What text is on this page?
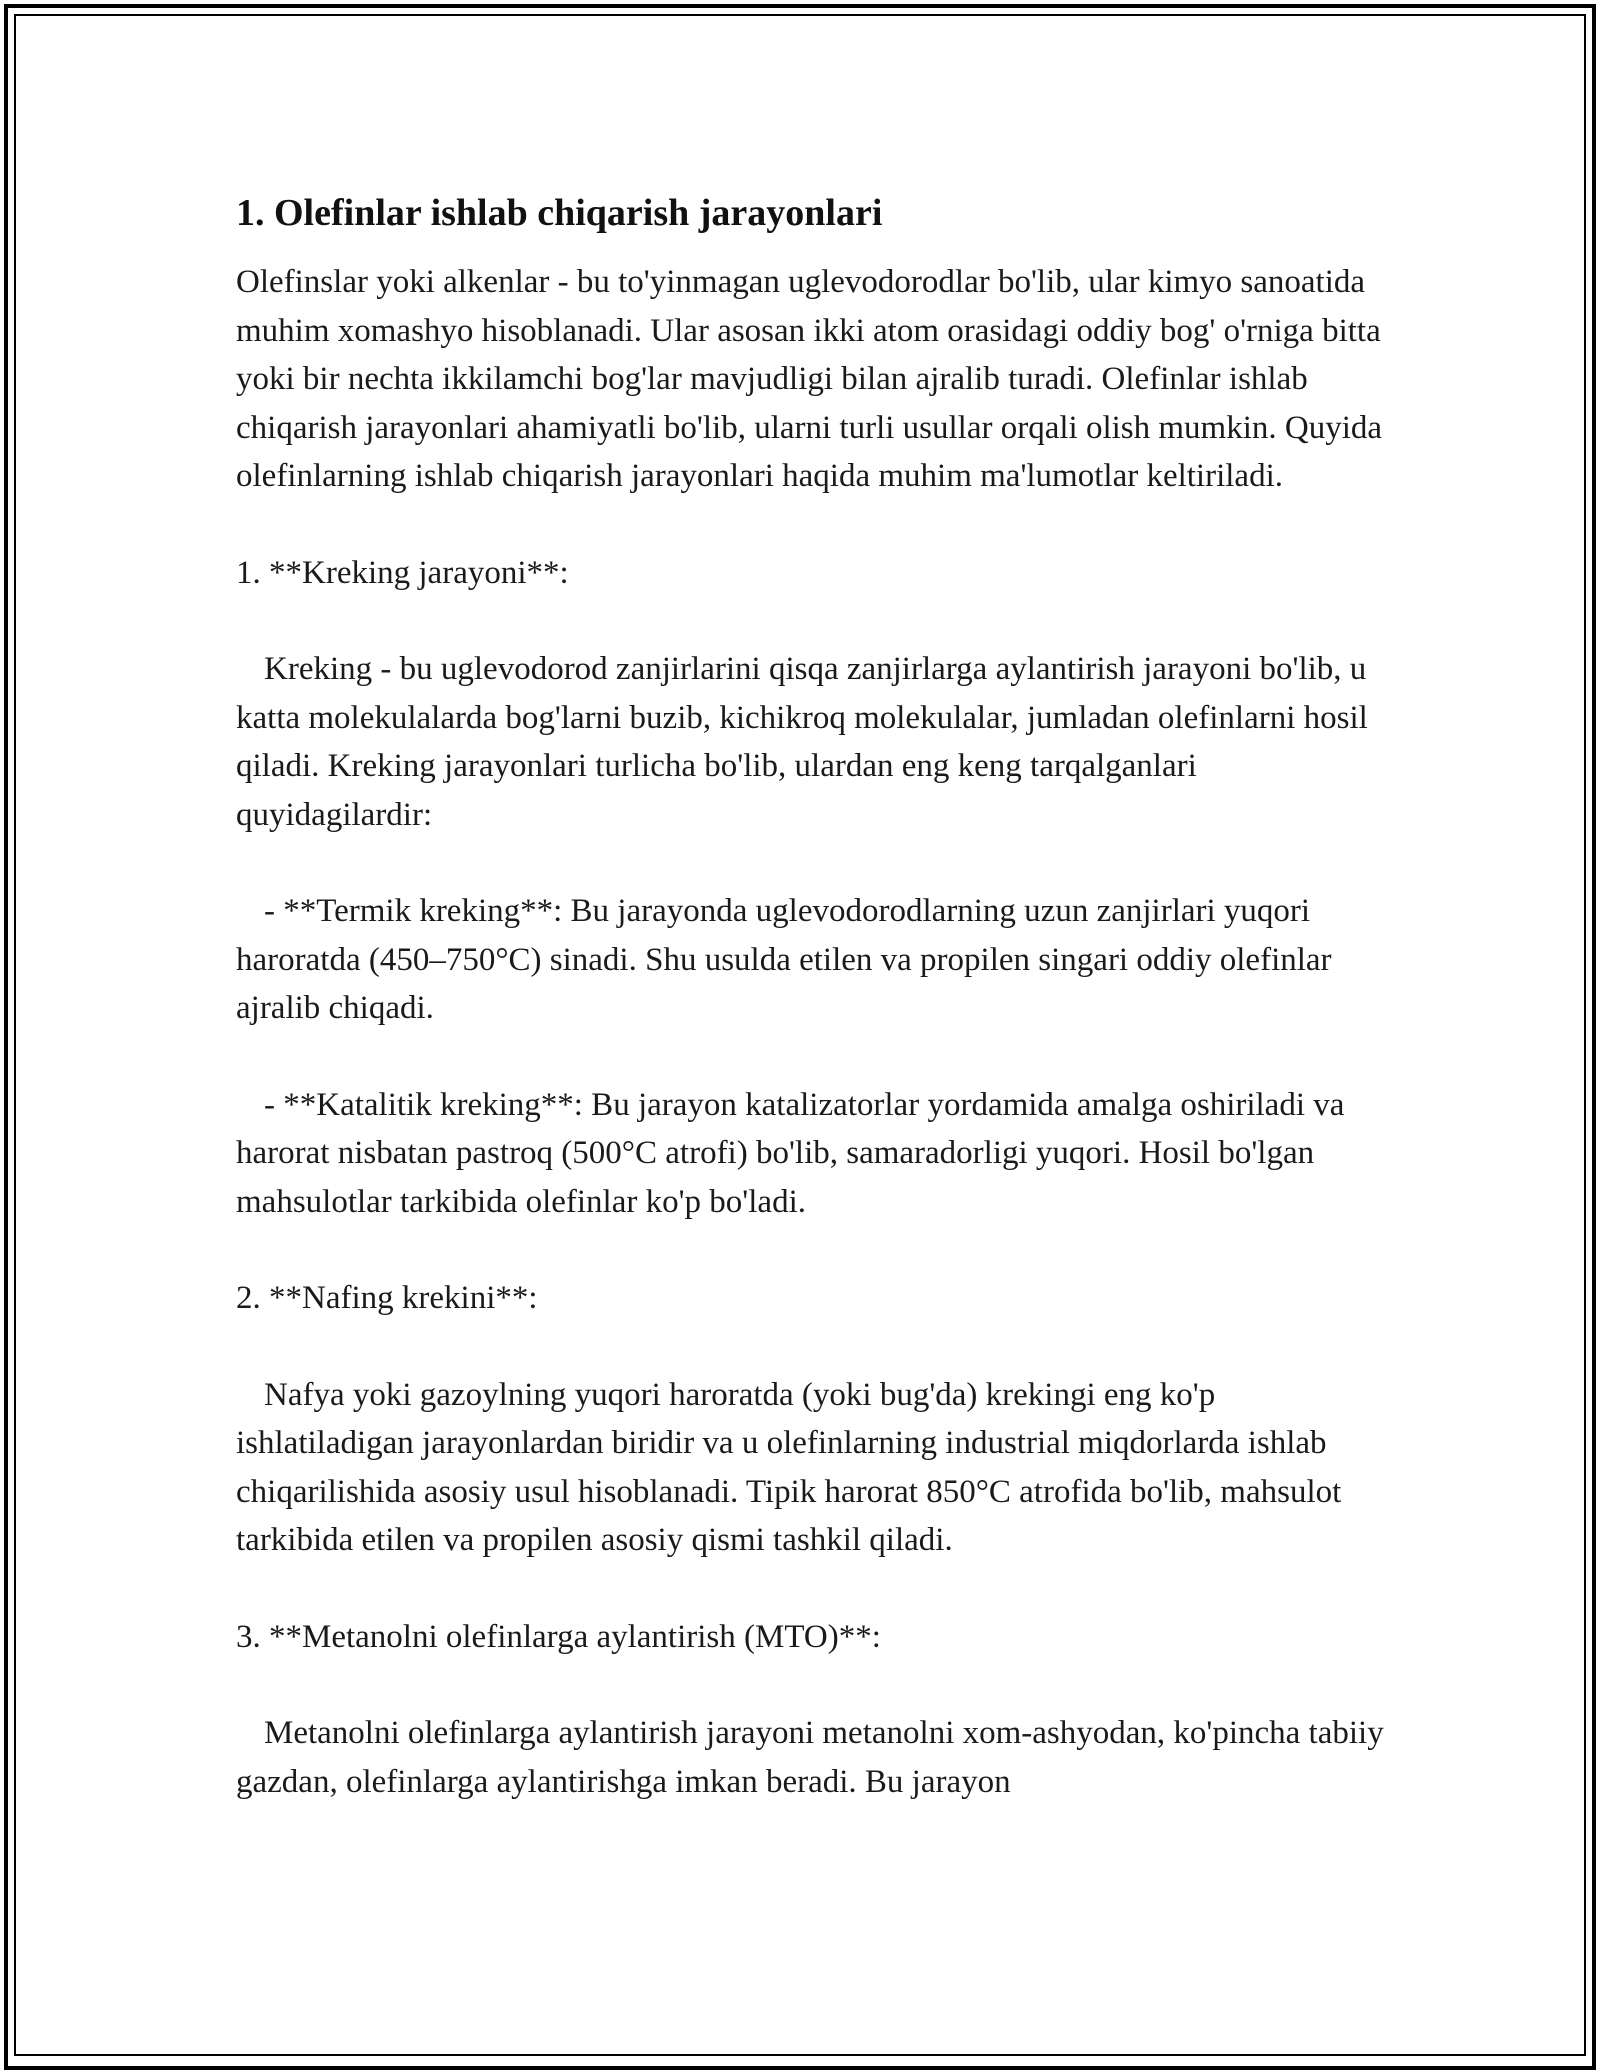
1. Olefinlar ishlab chiqarish jarayonlari

Olefinslar yoki alkenlar - bu to'yinmagan uglevodorodlar bo'lib, ular kimyo sanoatida muhim xomashyo hisoblanadi. Ular asosan ikki atom orasidagi oddiy bog' o'rniga bitta yoki bir nechta ikkilamchi bog'lar mavjudligi bilan ajralib turadi. Olefinlar ishlab chiqarish jarayonlari ahamiyatli bo'lib, ularni turli usullar orqali olish mumkin. Quyida olefinlarning ishlab chiqarish jarayonlari haqida muhim ma'lumotlar keltiriladi.

1. **Kreking jarayoni**:

Kreking - bu uglevodorod zanjirlarini qisqa zanjirlarga aylantirish jarayoni bo'lib, u katta molekulalarda bog'larni buzib, kichikroq molekulalar, jumladan olefinlarni hosil qiladi. Kreking jarayonlari turlicha bo'lib, ulardan eng keng tarqalganlari quyidagilardir:

- **Termik kreking**: Bu jarayonda uglevodorodlarning uzun zanjirlari yuqori haroratda (450–750°C) sinadi. Shu usulda etilen va propilen singari oddiy olefinlar ajralib chiqadi.

- **Katalitik kreking**: Bu jarayon katalizatorlar yordamida amalga oshiriladi va harorat nisbatan pastroq (500°C atrofi) bo'lib, samaradorligi yuqori. Hosil bo'lgan mahsulotlar tarkibida olefinlar ko'p bo'ladi.

2. **Nafing krekini**:

Nafya yoki gazoylning yuqori haroratda (yoki bug'da) krekingi eng ko'p ishlatiladigan jarayonlardan biridir va u olefinlarning industrial miqdorlarda ishlab chiqarilishida asosiy usul hisoblanadi. Tipik harorat 850°C atrofida bo'lib, mahsulot tarkibida etilen va propilen asosiy qismi tashkil qiladi.

3. **Metanolni olefinlarga aylantirish (MTO)**:

Metanolni olefinlarga aylantirish jarayoni metanolni xom-ashyodan, ko'pincha tabiiy gazdan, olefinlarga aylantirishga imkan beradi. Bu jarayon
